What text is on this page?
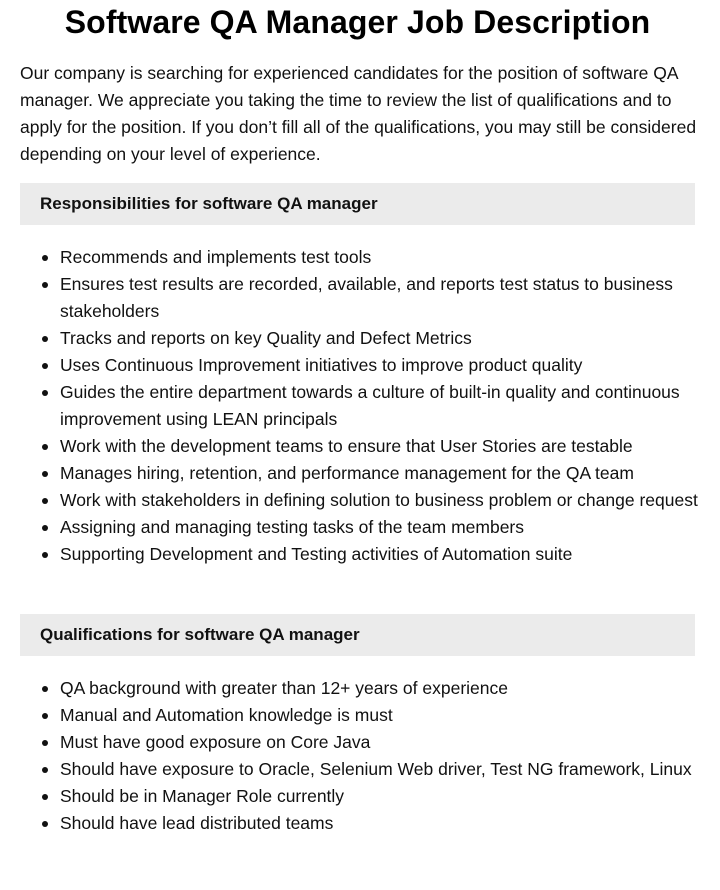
Software QA Manager Job Description

Our company is searching for experienced candidates for the position of software QA manager. We appreciate you taking the time to review the list of qualifications and to apply for the position. If you don’t fill all of the qualifications, you may still be considered depending on your level of experience.

Responsibilities for software QA manager
Recommends and implements test tools
Ensures test results are recorded, available, and reports test status to business stakeholders
Tracks and reports on key Quality and Defect Metrics
Uses Continuous Improvement initiatives to improve product quality
Guides the entire department towards a culture of built-in quality and continuous improvement using LEAN principals
Work with the development teams to ensure that User Stories are testable
Manages hiring, retention, and performance management for the QA team
Work with stakeholders in defining solution to business problem or change request
Assigning and managing testing tasks of the team members
Supporting Development and Testing activities of Automation suite
Qualifications for software QA manager
QA background with greater than 12+ years of experience
Manual and Automation knowledge is must
Must have good exposure on Core Java
Should have exposure to Oracle, Selenium Web driver, Test NG framework, Linux
Should be in Manager Role currently
Should have lead distributed teams
